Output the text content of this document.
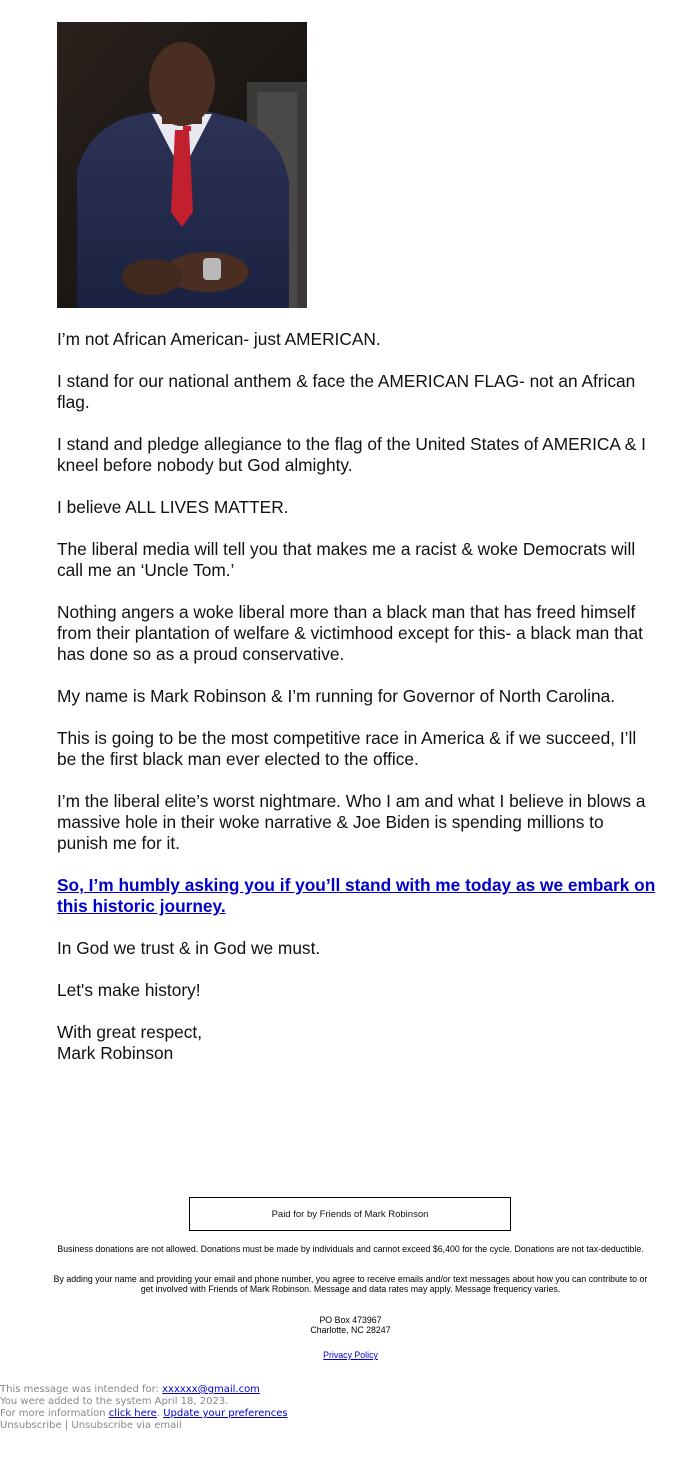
I’m not African American- just AMERICAN.

I stand for our national anthem & face the AMERICAN FLAG- not an African flag.

I stand and pledge allegiance to the flag of the United States of AMERICA & I kneel before nobody but God almighty.

I believe ALL LIVES MATTER.

The liberal media will tell you that makes me a racist & woke Democrats will call me an ‘Uncle Tom.’

Nothing angers a woke liberal more than a black man that has freed himself from their plantation of welfare & victimhood except for this- a black man that has done so as a proud conservative.

My name is Mark Robinson & I’m running for Governor of North Carolina.

This is going to be the most competitive race in America & if we succeed, I’ll be the first black man ever elected to the office.

I’m the liberal elite’s worst nightmare. Who I am and what I believe in blows a massive hole in their woke narrative & Joe Biden is spending millions to punish me for it.

So, I’m humbly asking you if you’ll stand with me today as we embark on this historic journey.

In God we trust & in God we must.

Let's make history!

With great respect,

Mark Robinson

Paid for by Friends of Mark Robinson
Business donations are not allowed. Donations must be made by individuals and cannot exceed $6,400 for the cycle. Donations are not tax-deductible.
By adding your name and providing your email and phone number, you agree to receive emails and/or text messages about how you can contribute to or get involved with Friends of Mark Robinson. Message and data rates may apply. Message frequency varies.
PO Box 473967
Charlotte, NC 28247
Privacy Policy
This message was intended for: xxxxxx@gmail.com
You were added to the system April 18, 2023.
For more information click here. Update your preferences
Unsubscribe | Unsubscribe via email
